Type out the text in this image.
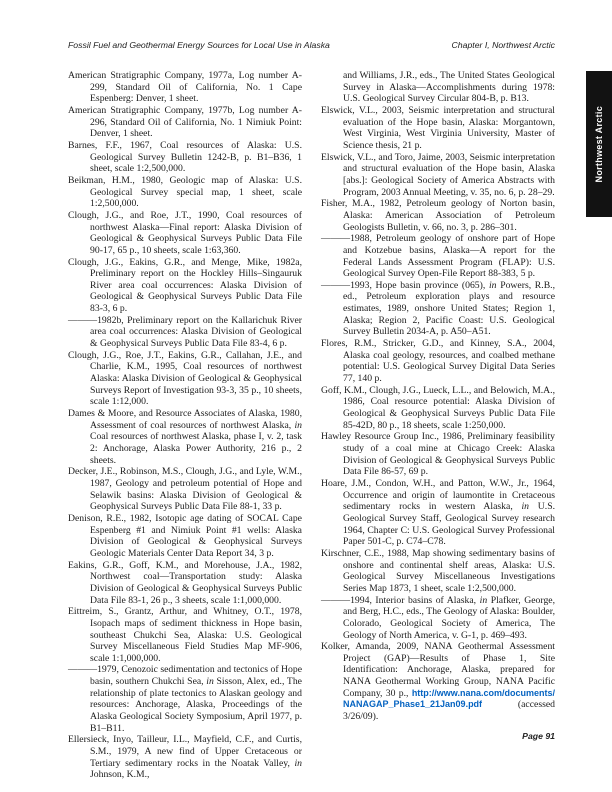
Fossil Fuel and Geothermal Energy Sources for Local Use in Alaska	Chapter I, Northwest Arctic
Northwest Arctic

American Stratigraphic Company, 1977a, Log number A-299, Standard Oil of California, No. 1 Cape Espenberg: Denver, 1 sheet.

American Stratigraphic Company, 1977b, Log number A-296, Standard Oil of California, No. 1 Nimiuk Point: Denver, 1 sheet.

Barnes, F.F., 1967, Coal resources of Alaska: U.S. Geological Survey Bulletin 1242-B, p. B1–B36, 1 sheet, scale 1:2,500,000.

Beikman, H.M., 1980, Geologic map of Alaska: U.S. Geological Survey special map, 1 sheet, scale 1:2,500,000.

Clough, J.G., and Roe, J.T., 1990, Coal resources of northwest Alaska—Final report: Alaska Division of Geological & Geophysical Surveys Public Data File 90-17, 65 p., 10 sheets, scale 1:63,360.

Clough, J.G., Eakins, G.R., and Menge, Mike, 1982a, Preliminary report on the Hockley Hills–Singauruk River area coal occurrences: Alaska Division of Geological & Geophysical Surveys Public Data File 83-3, 6 p.

———1982b, Preliminary report on the Kallarichuk River area coal occurrences: Alaska Division of Geological & Geophysical Surveys Public Data File 83-4, 6 p.

Clough, J.G., Roe, J.T., Eakins, G.R., Callahan, J.E., and Charlie, K.M., 1995, Coal resources of northwest Alaska: Alaska Division of Geological & Geophysical Surveys Report of Investigation 93-3, 35 p., 10 sheets, scale 1:12,000.

Dames & Moore, and Resource Associates of Alaska, 1980, Assessment of coal resources of northwest Alaska, in Coal resources of northwest Alaska, phase I, v. 2, task 2: Anchorage, Alaska Power Authority, 216 p., 2 sheets.

Decker, J.E., Robinson, M.S., Clough, J.G., and Lyle, W.M., 1987, Geology and petroleum potential of Hope and Selawik basins: Alaska Division of Geological & Geophysical Surveys Public Data File 88-1, 33 p.

Denison, R.E., 1982, Isotopic age dating of SOCAL Cape Espenberg #1 and Nimiuk Point #1 wells: Alaska Division of Geological & Geophysical Surveys Geologic Materials Center Data Report 34, 3 p.

Eakins, G.R., Goff, K.M., and Morehouse, J.A., 1982, Northwest coal—Transportation study: Alaska Division of Geological & Geophysical Surveys Public Data File 83-1, 26 p., 3 sheets, scale 1:1,000,000.

Eittreim, S., Grantz, Arthur, and Whitney, O.T., 1978, Isopach maps of sediment thickness in Hope basin, southeast Chukchi Sea, Alaska: U.S. Geological Survey Miscellaneous Field Studies Map MF-906, scale 1:1,000,000.

———1979, Cenozoic sedimentation and tectonics of Hope basin, southern Chukchi Sea, in Sisson, Alex, ed., The relationship of plate tectonics to Alaskan geology and resources: Anchorage, Alaska, Proceedings of the Alaska Geological Society Symposium, April 1977, p. B1–B11.

Ellersieck, Inyo, Tailleur, I.L., Mayfield, C.F., and Curtis, S.M., 1979, A new find of Upper Cretaceous or Tertiary sedimentary rocks in the Noatak Valley, in Johnson, K.M.,

and Williams, J.R., eds., The United States Geological Survey in Alaska—Accomplishments during 1978: U.S. Geological Survey Circular 804-B, p. B13.

Elswick, V.L., 2003, Seismic interpretation and structural evaluation of the Hope basin, Alaska: Morgantown, West Virginia, West Virginia University, Master of Science thesis, 21 p.

Elswick, V.L., and Toro, Jaime, 2003, Seismic interpretation and structural evaluation of the Hope basin, Alaska [abs.]: Geological Society of America Abstracts with Program, 2003 Annual Meeting, v. 35, no. 6, p. 28–29.

Fisher, M.A., 1982, Petroleum geology of Norton basin, Alaska: American Association of Petroleum Geologists Bulletin, v. 66, no. 3, p. 286–301.

———1988, Petroleum geology of onshore part of Hope and Kotzebue basins, Alaska—A report for the Federal Lands Assessment Program (FLAP): U.S. Geological Survey Open-File Report 88-383, 5 p.

———1993, Hope basin province (065), in Powers, R.B., ed., Petroleum exploration plays and resource estimates, 1989, onshore United States; Region 1, Alaska; Region 2, Pacific Coast: U.S. Geological Survey Bulletin 2034-A, p. A50–A51.

Flores, R.M., Stricker, G.D., and Kinney, S.A., 2004, Alaska coal geology, resources, and coalbed methane potential: U.S. Geological Survey Digital Data Series 77, 140 p.

Goff, K.M., Clough, J.G., Lueck, L.L., and Belowich, M.A., 1986, Coal resource potential: Alaska Division of Geological & Geophysical Surveys Public Data File 85-42D, 80 p., 18 sheets, scale 1:250,000.

Hawley Resource Group Inc., 1986, Preliminary feasibility study of a coal mine at Chicago Creek: Alaska Division of Geological & Geophysical Surveys Public Data File 86-57, 69 p.

Hoare, J.M., Condon, W.H., and Patton, W.W., Jr., 1964, Occurrence and origin of laumontite in Cretaceous sedimentary rocks in western Alaska, in U.S. Geological Survey Staff, Geological Survey research 1964, Chapter C: U.S. Geological Survey Professional Paper 501-C, p. C74–C78.

Kirschner, C.E., 1988, Map showing sedimentary basins of onshore and continental shelf areas, Alaska: U.S. Geological Survey Miscellaneous Investigations Series Map 1873, 1 sheet, scale 1:2,500,000.

———1994, Interior basins of Alaska, in Plafker, George, and Berg, H.C., eds., The Geology of Alaska: Boulder, Colorado, Geological Society of America, The Geology of North America, v. G-1, p. 469–493.

Kolker, Amanda, 2009, NANA Geothermal Assessment Project (GAP)—Results of Phase 1, Site Identification: Anchorage, Alaska, prepared for NANA Geothermal Working Group, NANA Pacific Company, 30 p., http://www.nana.com/documents/NANAGAP_Phase1_21Jan09.pdf (accessed 3/26/09).

Page 91
